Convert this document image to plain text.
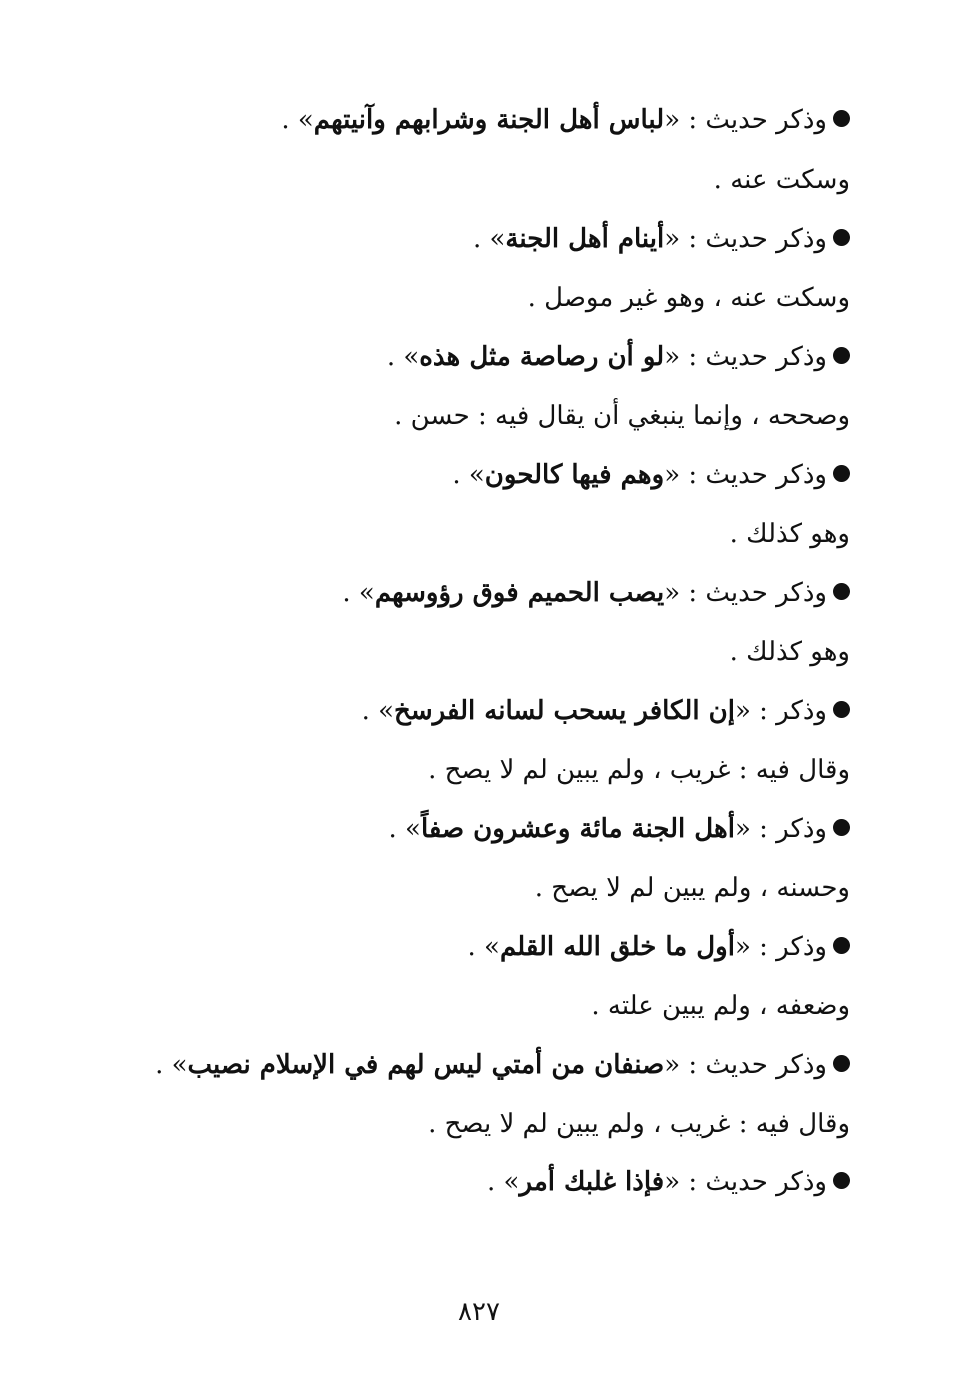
وذكر حديث : «لباس أهل الجنة وشرابهم وآنيتهم» .
وسكت عنه .
وذكر حديث : «أينام أهل الجنة» .
وسكت عنه ، وهو غير موصل .
وذكر حديث : «لو أن رصاصة مثل هذه» .
وصححه ، وإنما ينبغي أن يقال فيه : حسن .
وذكر حديث : «وهم فيها كالحون» .
وهو كذلك .
وذكر حديث : «يصب الحميم فوق رؤوسهم» .
وهو كذلك .
وذكر : «إن الكافر يسحب لسانه الفرسخ» .
وقال فيه : غريب ، ولم يبين لم لا يصح .
وذكر : «أهل الجنة مائة وعشرون صفاً» .
وحسنه ، ولم يبين لم لا يصح .
وذكر : «أول ما خلق الله القلم» .
وضعفه ، ولم يبين علته .
وذكر حديث : «صنفان من أمتي ليس لهم في الإسلام نصيب» .
وقال فيه : غريب ، ولم يبين لم لا يصح .
وذكر حديث : «فإذا غلبك أمر» .
٨٢٧
